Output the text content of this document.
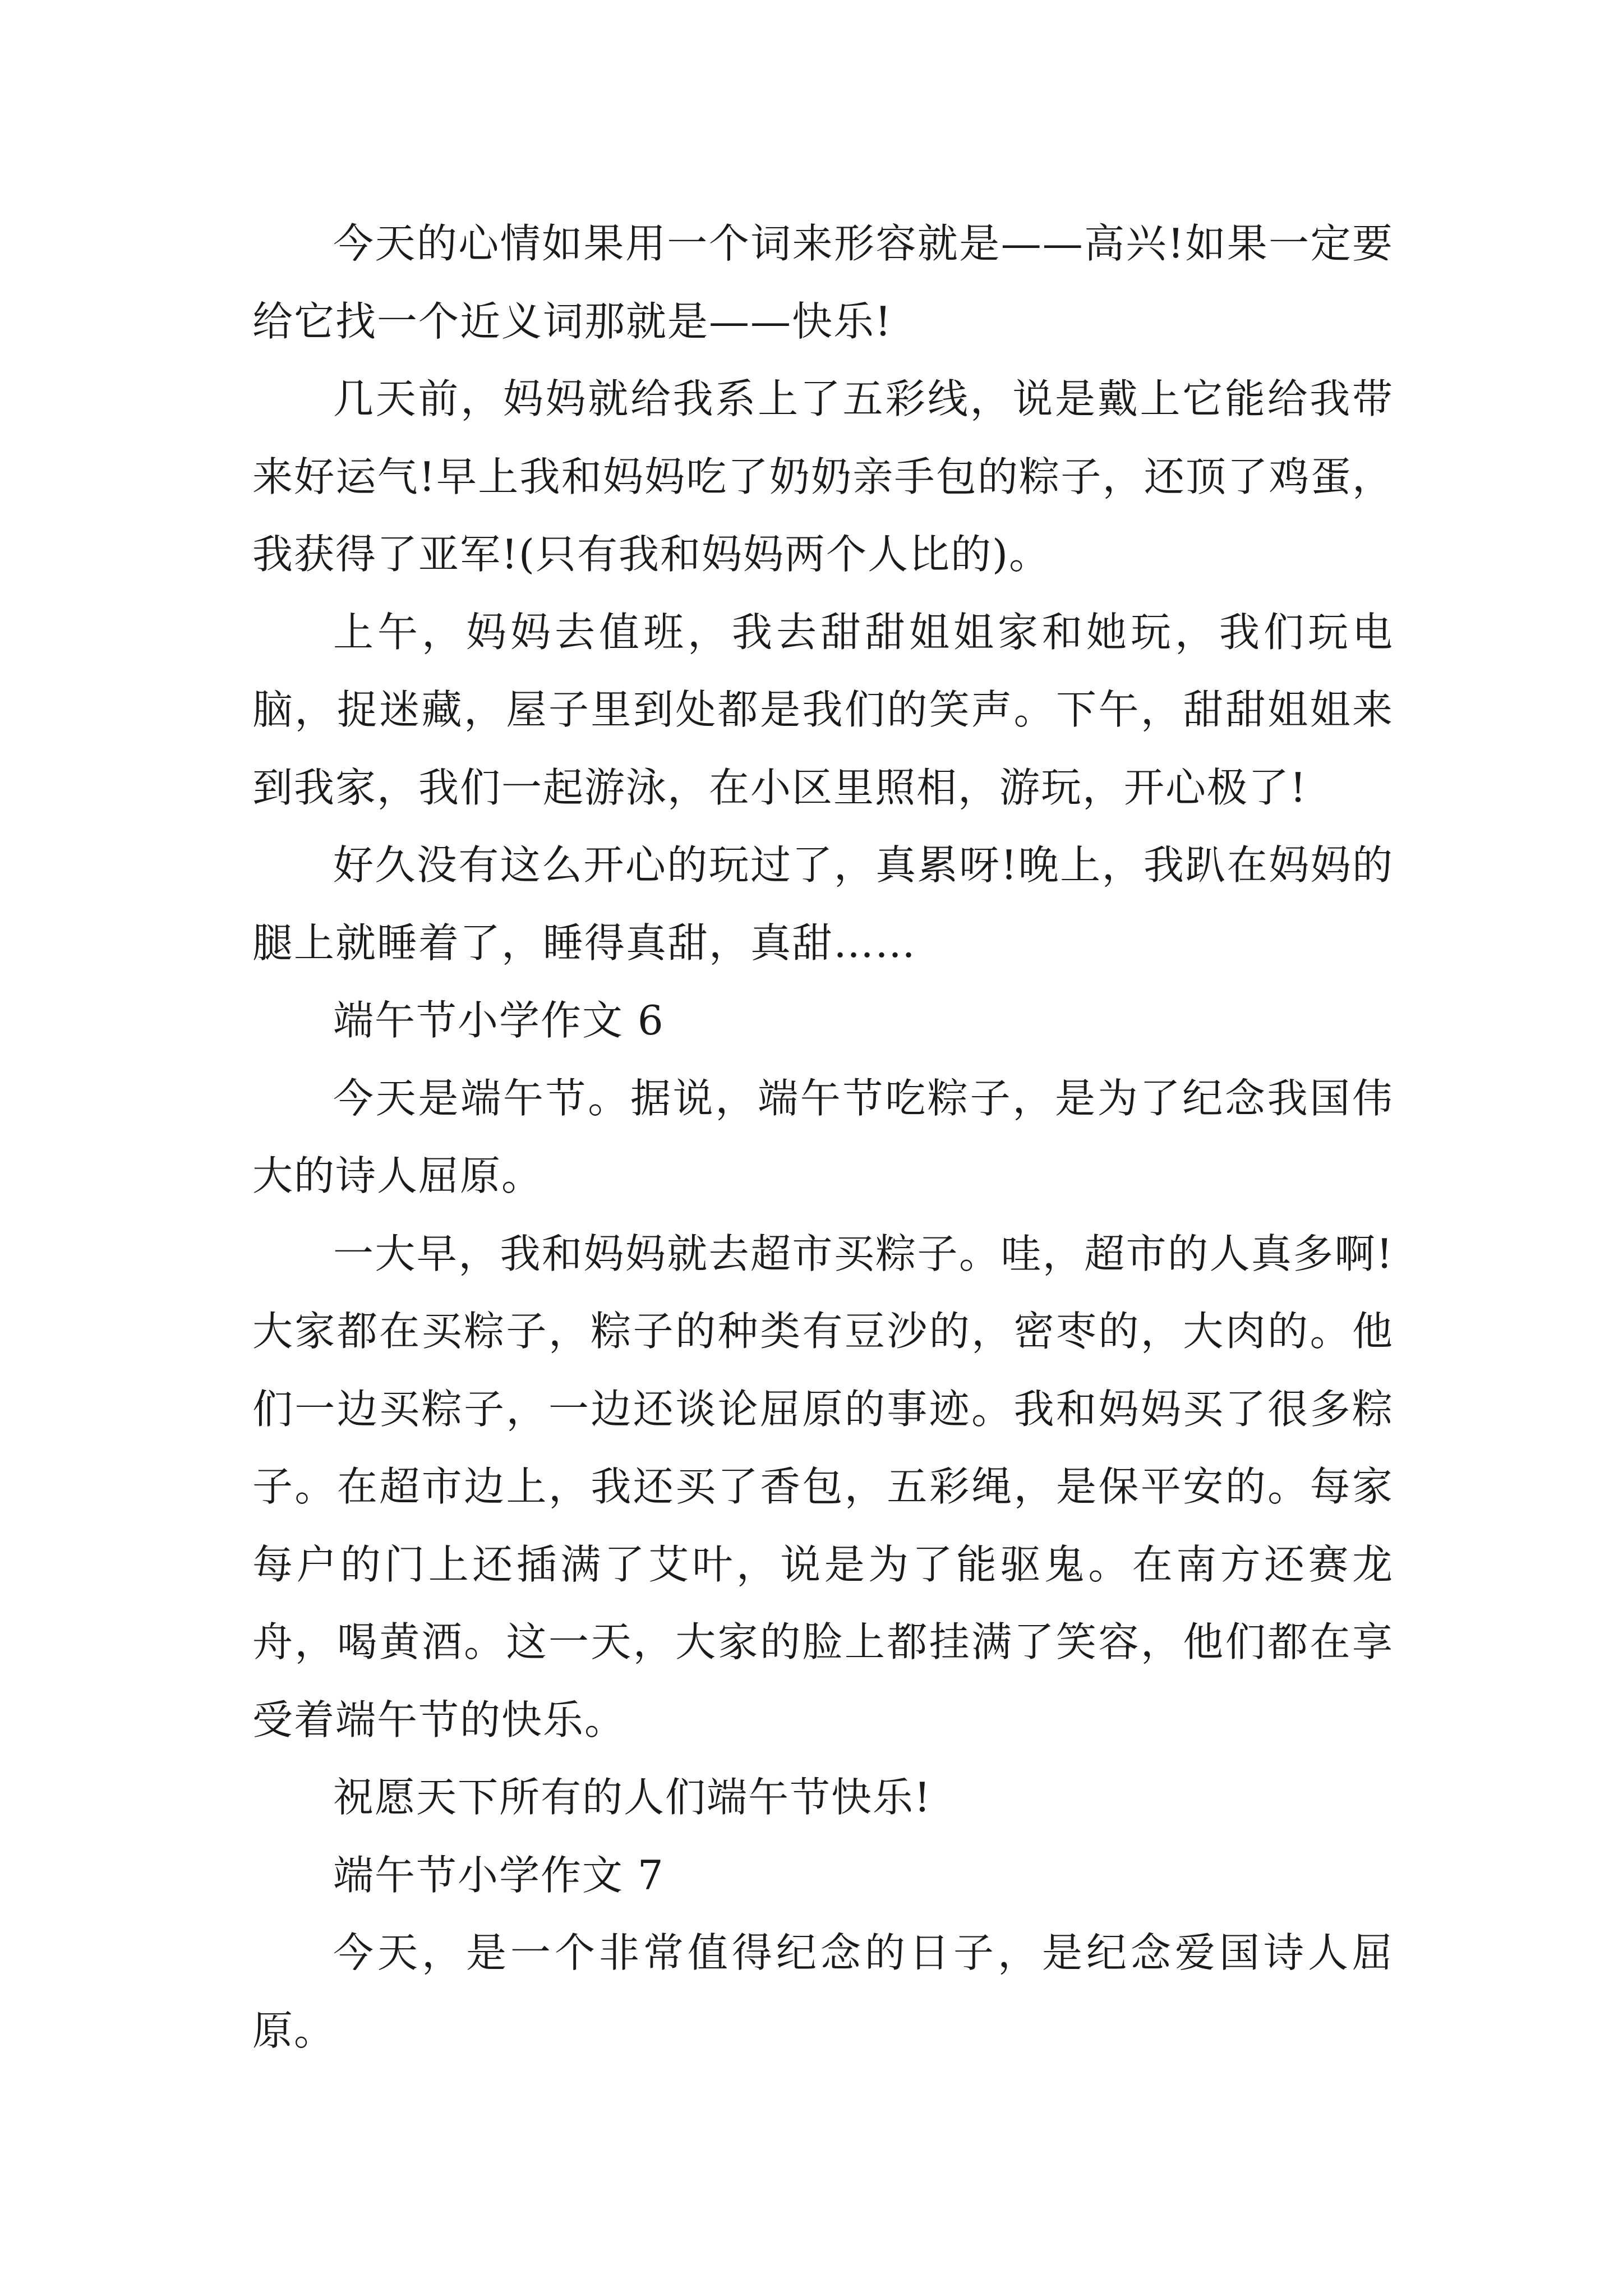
今天的心情如果用一个词来形容就是——高兴!如果一定要给它找一个近义词那就是——快乐!

几天前，妈妈就给我系上了五彩线，说是戴上它能给我带来好运气!早上我和妈妈吃了奶奶亲手包的粽子，还顶了鸡蛋，我获得了亚军!(只有我和妈妈两个人比的)。

上午，妈妈去值班，我去甜甜姐姐家和她玩，我们玩电脑，捉迷藏，屋子里到处都是我们的笑声。下午，甜甜姐姐来到我家，我们一起游泳，在小区里照相，游玩，开心极了!

好久没有这么开心的玩过了，真累呀!晚上，我趴在妈妈的腿上就睡着了，睡得真甜，真甜……

端午节小学作文 6

今天是端午节。据说，端午节吃粽子，是为了纪念我国伟大的诗人屈原。

一大早，我和妈妈就去超市买粽子。哇，超市的人真多啊!大家都在买粽子，粽子的种类有豆沙的，密枣的，大肉的。他们一边买粽子，一边还谈论屈原的事迹。我和妈妈买了很多粽子。在超市边上，我还买了香包，五彩绳，是保平安的。每家每户的门上还插满了艾叶，说是为了能驱鬼。在南方还赛龙舟，喝黄酒。这一天，大家的脸上都挂满了笑容，他们都在享受着端午节的快乐。

祝愿天下所有的人们端午节快乐!

端午节小学作文 7

今天，是一个非常值得纪念的日子，是纪念爱国诗人屈原。
